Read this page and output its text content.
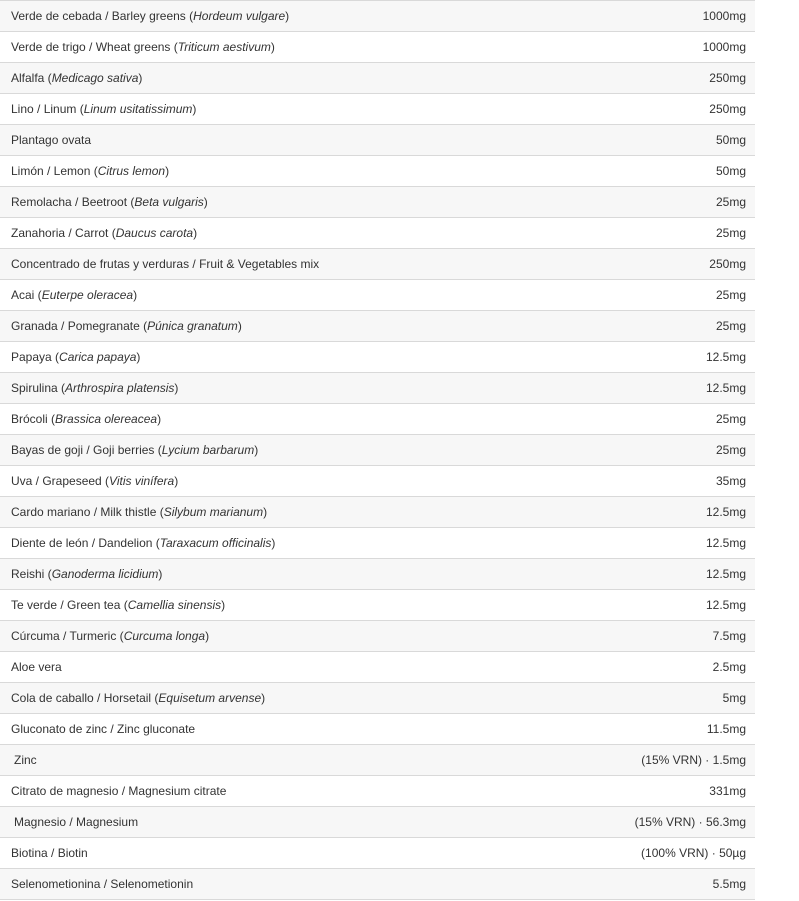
Verde de cebada / Barley greens (Hordeum vulgare)	1000mg
Verde de trigo / Wheat greens (Triticum aestivum)	1000mg
Alfalfa (Medicago sativa)	250mg
Lino / Linum (Linum usitatissimum)	250mg
Plantago ovata	50mg
Limón / Lemon (Citrus lemon)	50mg
Remolacha / Beetroot (Beta vulgaris)	25mg
Zanahoria / Carrot (Daucus carota)	25mg
Concentrado de frutas y verduras / Fruit & Vegetables mix	250mg
Acai (Euterpe oleracea)	25mg
Granada / Pomegranate (Púnica granatum)	25mg
Papaya (Carica papaya)	12.5mg
Spirulina (Arthrospira platensis)	12.5mg
Brócoli (Brassica olereacea)	25mg
Bayas de goji / Goji berries (Lycium barbarum)	25mg
Uva / Grapeseed (Vitis vinífera)	35mg
Cardo mariano / Milk thistle (Silybum marianum)	12.5mg
Diente de león / Dandelion (Taraxacum officinalis)	12.5mg
Reishi (Ganoderma licidium)	12.5mg
Te verde / Green tea (Camellia sinensis)	12.5mg
Cúrcuma / Turmeric (Curcuma longa)	7.5mg
Aloe vera	2.5mg
Cola de caballo / Horsetail (Equisetum arvense)	5mg
Gluconato de zinc / Zinc gluconate	11.5mg
Zinc	(15% VRN) · 1.5mg
Citrato de magnesio / Magnesium citrate	331mg
Magnesio / Magnesium	(15% VRN) · 56.3mg
Biotina / Biotin	(100% VRN) · 50µg
Selenometionina / Selenometionin	5.5mg
